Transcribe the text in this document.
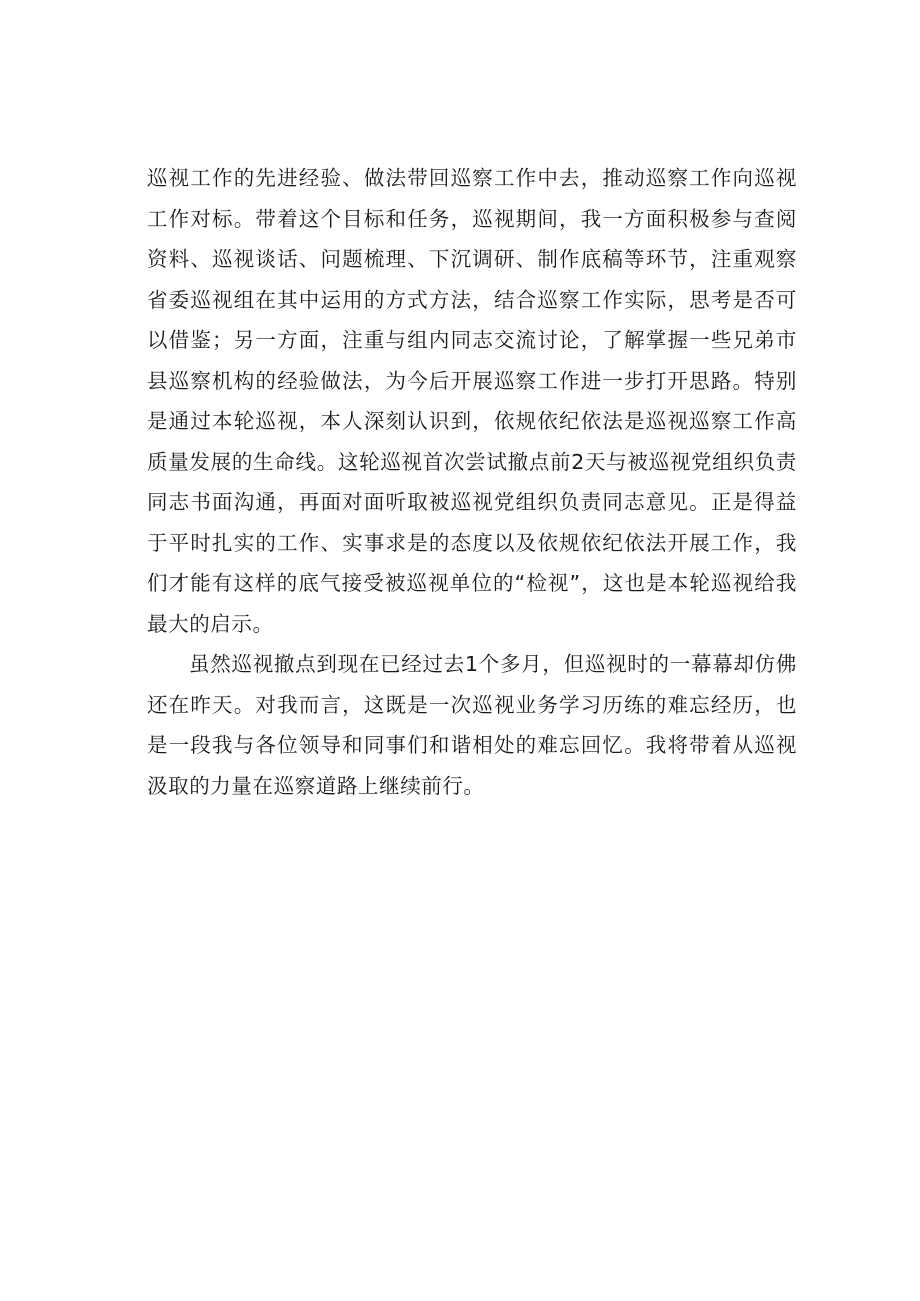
巡视工作的先进经验、做法带回巡察工作中去，推动巡察工作向巡视工作对标。带着这个目标和任务，巡视期间，我一方面积极参与查阅资料、巡视谈话、问题梳理、下沉调研、制作底稿等环节，注重观察省委巡视组在其中运用的方式方法，结合巡察工作实际，思考是否可以借鉴；另一方面，注重与组内同志交流讨论，了解掌握一些兄弟市县巡察机构的经验做法，为今后开展巡察工作进一步打开思路。特别是通过本轮巡视，本人深刻认识到，依规依纪依法是巡视巡察工作高质量发展的生命线。这轮巡视首次尝试撤点前2天与被巡视党组织负责同志书面沟通，再面对面听取被巡视党组织负责同志意见。正是得益于平时扎实的工作、实事求是的态度以及依规依纪依法开展工作，我们才能有这样的底气接受被巡视单位的“检视”，这也是本轮巡视给我最大的启示。

虽然巡视撤点到现在已经过去1个多月，但巡视时的一幕幕却仿佛还在昨天。对我而言，这既是一次巡视业务学习历练的难忘经历，也是一段我与各位领导和同事们和谐相处的难忘回忆。我将带着从巡视汲取的力量在巡察道路上继续前行。
